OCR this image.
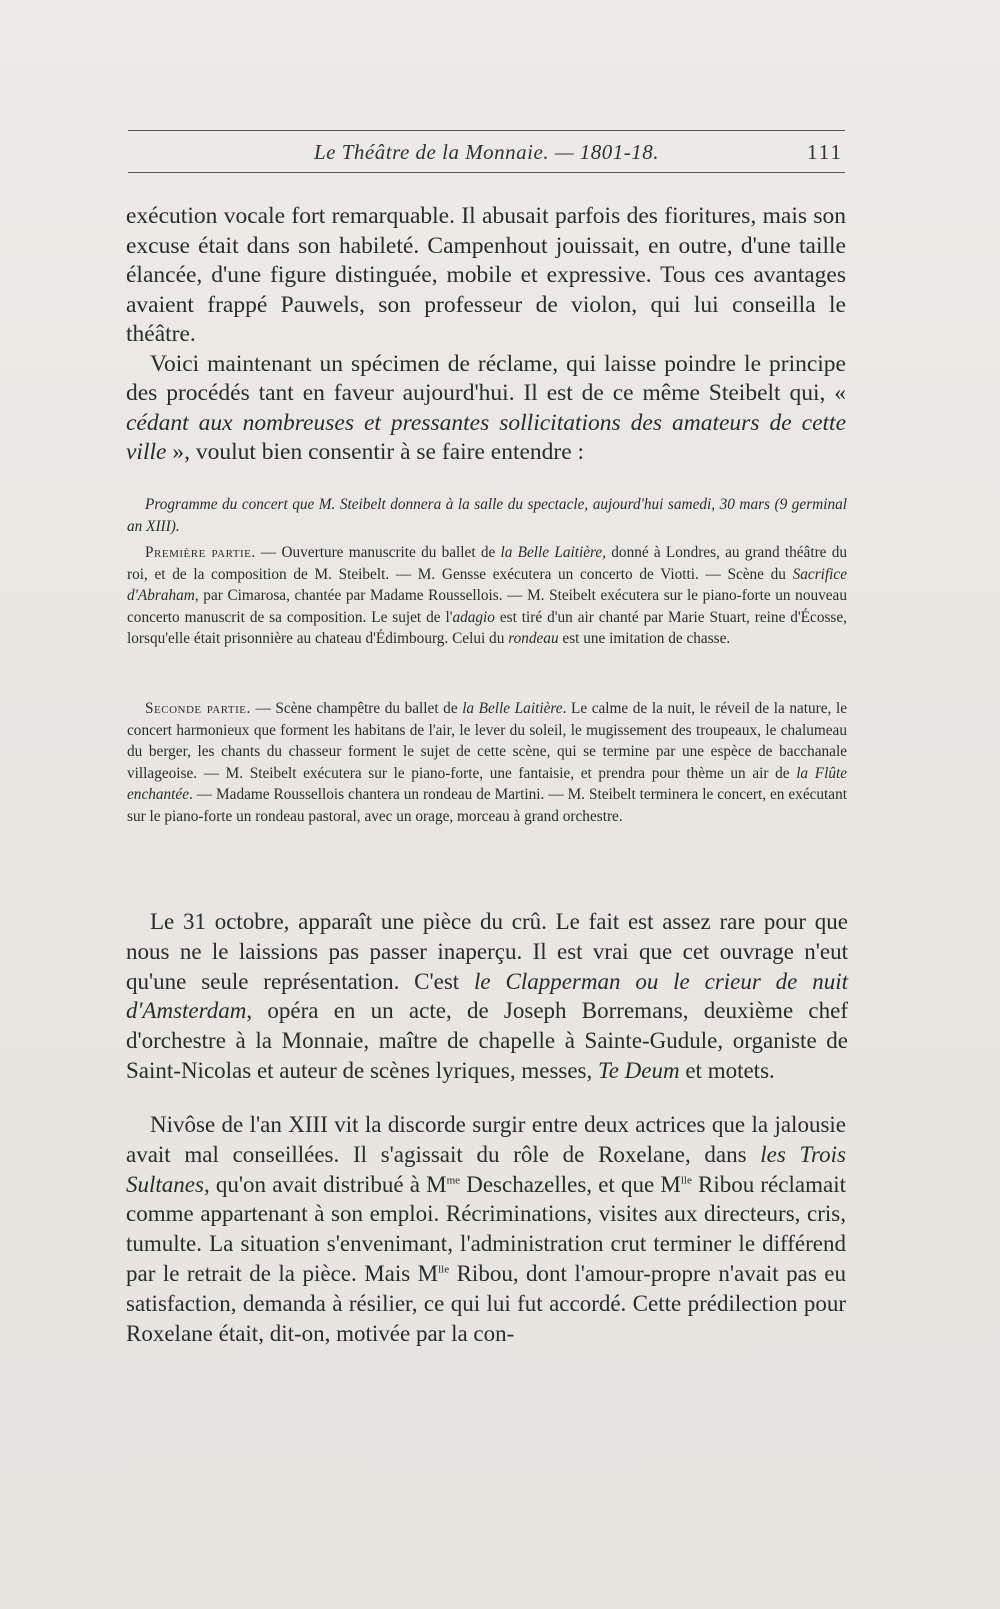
Le Théâtre de la Monnaie. — 1801-18.	111

exécution vocale fort remarquable. Il abusait parfois des fioritures, mais son excuse était dans son habileté. Campenhout jouissait, en outre, d'une taille élancée, d'une figure distinguée, mobile et expressive. Tous ces avantages avaient frappé Pauwels, son professeur de violon, qui lui conseilla le théâtre.

Voici maintenant un spécimen de réclame, qui laisse poindre le principe des procédés tant en faveur aujourd'hui. Il est de ce même Steibelt qui, « cédant aux nombreuses et pressantes sollicitations des amateurs de cette ville », voulut bien consentir à se faire entendre :

Programme du concert que M. Steibelt donnera à la salle du spectacle, aujourd'hui samedi, 30 mars (9 germinal an XIII).

Première partie. — Ouverture manuscrite du ballet de la Belle Laitière, donné à Londres, au grand théâtre du roi, et de la composition de M. Steibelt. — M. Gensse exécutera un concerto de Viotti. — Scène du Sacrifice d'Abraham, par Cimarosa, chantée par Madame Roussellois. — M. Steibelt exécutera sur le piano-forte un nouveau concerto manuscrit de sa composition. Le sujet de l'adagio est tiré d'un air chanté par Marie Stuart, reine d'Écosse, lorsqu'elle était prisonnière au chateau d'Édimbourg. Celui du rondeau est une imitation de chasse.

Seconde partie. — Scène champêtre du ballet de la Belle Laitière. Le calme de la nuit, le réveil de la nature, le concert harmonieux que forment les habitans de l'air, le lever du soleil, le mugissement des troupeaux, le chalumeau du berger, les chants du chasseur forment le sujet de cette scène, qui se termine par une espèce de bacchanale villageoise. — M. Steibelt exécutera sur le piano-forte, une fantaisie, et prendra pour thème un air de la Flûte enchantée. — Madame Roussellois chantera un rondeau de Martini. — M. Steibelt terminera le concert, en exécutant sur le piano-forte un rondeau pastoral, avec un orage, morceau à grand orchestre.

Le 31 octobre, apparaît une pièce du crû. Le fait est assez rare pour que nous ne le laissions pas passer inaperçu. Il est vrai que cet ouvrage n'eut qu'une seule représentation. C'est le Clapperman ou le crieur de nuit d'Amsterdam, opéra en un acte, de Joseph Borremans, deuxième chef d'orchestre à la Monnaie, maître de chapelle à Sainte-Gudule, organiste de Saint-Nicolas et auteur de scènes lyriques, messes, Te Deum et motets.

Nivôse de l'an XIII vit la discorde surgir entre deux actrices que la jalousie avait mal conseillées. Il s'agissait du rôle de Roxelane, dans les Trois Sultanes, qu'on avait distribué à $M^{me}$ Deschazelles, et que $M^{lle}$ Ribou réclamait comme appartenant à son emploi. Récriminations, visites aux directeurs, cris, tumulte. La situation s'envenimant, l'administration crut terminer le différend par le retrait de la pièce. Mais $M^{lle}$ Ribou, dont l'amour-propre n'avait pas eu satisfaction, demanda à résilier, ce qui lui fut accordé. Cette prédilection pour Roxelane était, dit-on, motivée par la con-
